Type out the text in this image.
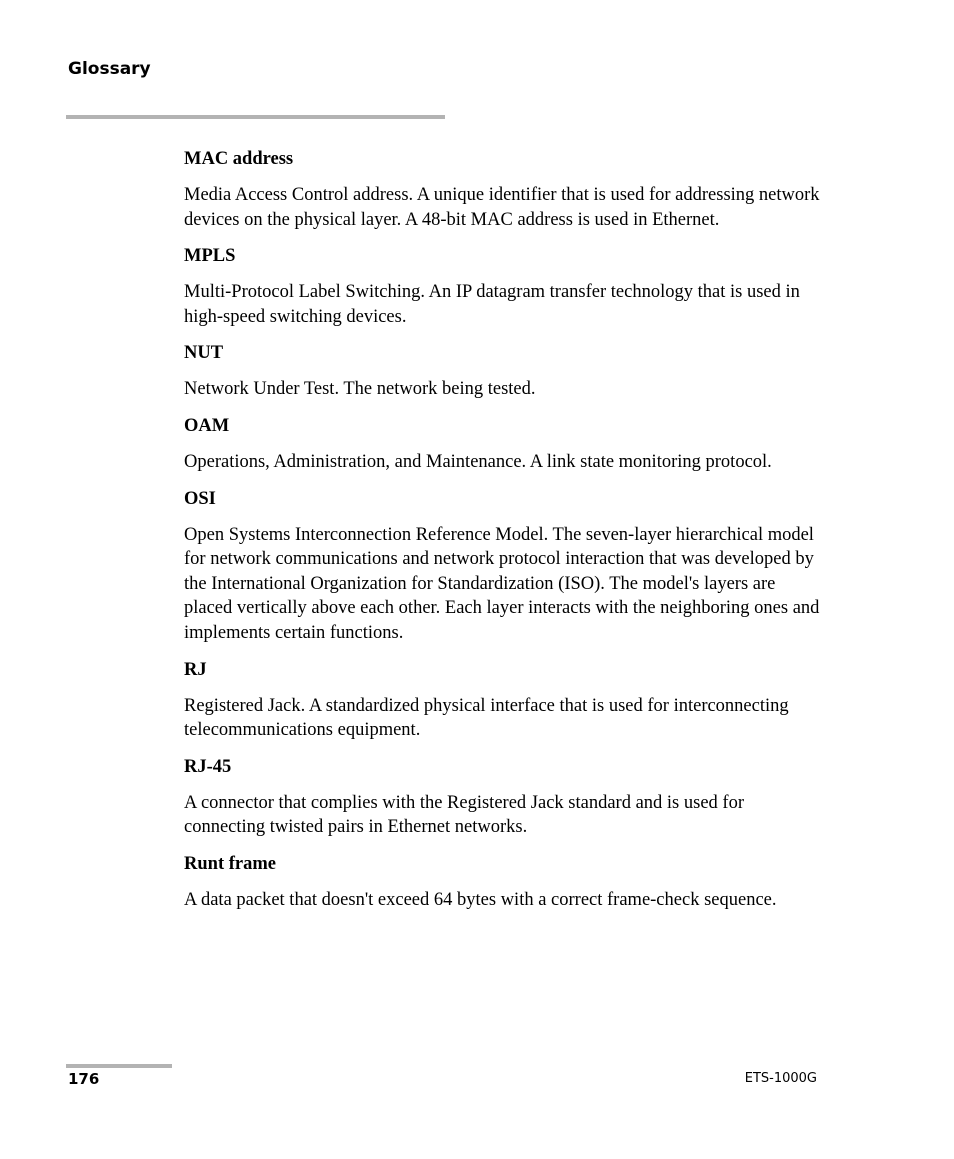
Glossary
MAC address
Media Access Control address. A unique identifier that is used for addressing network devices on the physical layer. A 48-bit MAC address is used in Ethernet.
MPLS
Multi-Protocol Label Switching. An IP datagram transfer technology that is used in high-speed switching devices.
NUT
Network Under Test. The network being tested.
OAM
Operations, Administration, and Maintenance. A link state monitoring protocol.
OSI
Open Systems Interconnection Reference Model. The seven-layer hierarchical model for network communications and network protocol interaction that was developed by the International Organization for Standardization (ISO). The model's layers are placed vertically above each other. Each layer interacts with the neighboring ones and implements certain functions.
RJ
Registered Jack. A standardized physical interface that is used for interconnecting telecommunications equipment.
RJ-45
A connector that complies with the Registered Jack standard and is used for connecting twisted pairs in Ethernet networks.
Runt frame
A data packet that doesn't exceed 64 bytes with a correct frame-check sequence.
176	ETS-1000G
